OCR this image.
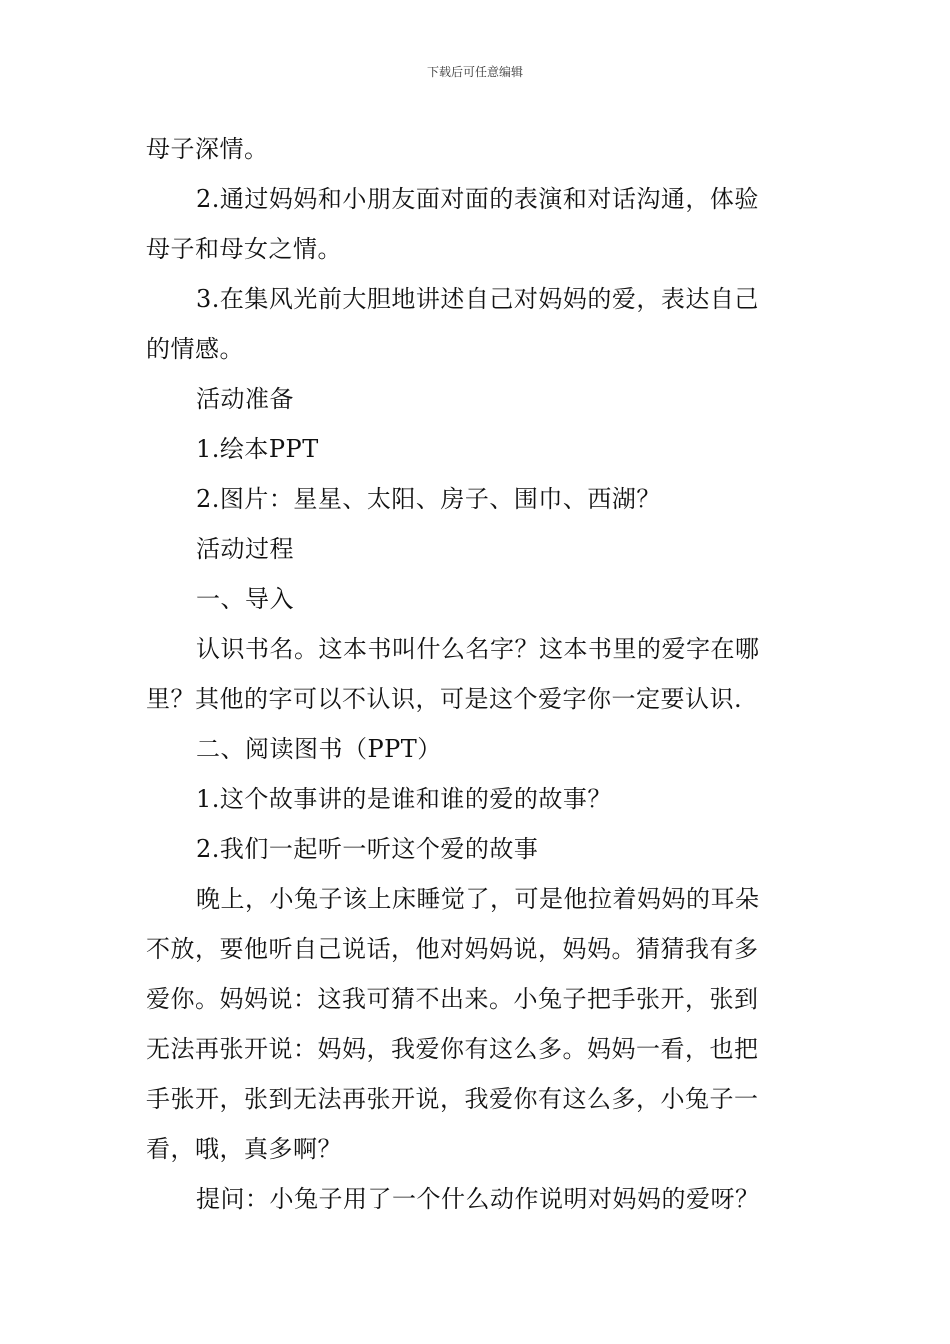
下载后可任意编辑
母子深情。
2.通过妈妈和小朋友面对面的表演和对话沟通，体验
母子和母女之情。
3.在集风光前大胆地讲述自己对妈妈的爱，表达自己
的情感。
活动准备
1.绘本PPT
2.图片：星星、太阳、房子、围巾、西湖？
活动过程
一、导入
认识书名。这本书叫什么名字？这本书里的爱字在哪
里？其他的字可以不认识，可是这个爱字你一定要认识.
二、阅读图书（PPT）
1.这个故事讲的是谁和谁的爱的故事？
2.我们一起听一听这个爱的故事
晚上，小兔子该上床睡觉了，可是他拉着妈妈的耳朵
不放，要他听自己说话，他对妈妈说，妈妈。猜猜我有多
爱你。妈妈说：这我可猜不出来。小兔子把手张开，张到
无法再张开说：妈妈，我爱你有这么多。妈妈一看，也把
手张开，张到无法再张开说，我爱你有这么多，小兔子一
看，哦，真多啊？
提问：小兔子用了一个什么动作说明对妈妈的爱呀？
